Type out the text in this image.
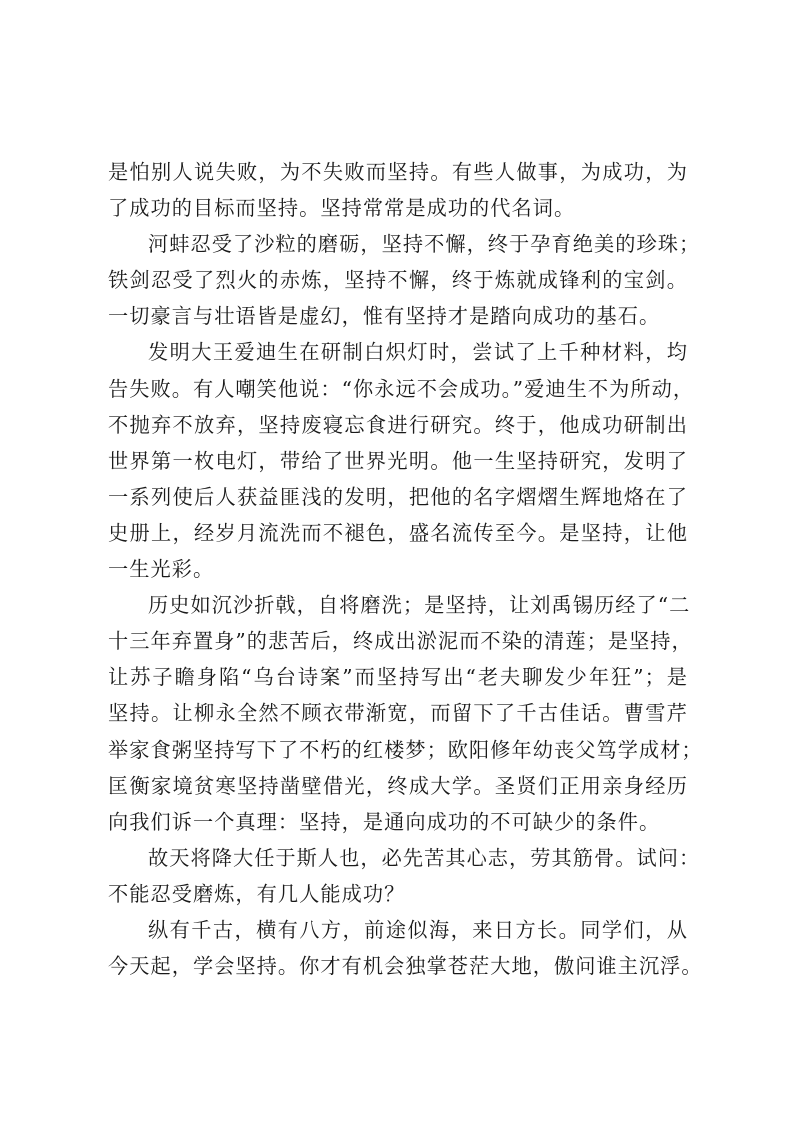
是怕别人说失败，为不失败而坚持。有些人做事，为成功，为
了成功的目标而坚持。坚持常常是成功的代名词。
河蚌忍受了沙粒的磨砺，坚持不懈，终于孕育绝美的珍珠；
铁剑忍受了烈火的赤炼，坚持不懈，终于炼就成锋利的宝剑。
一切豪言与壮语皆是虚幻，惟有坚持才是踏向成功的基石。
发明大王爱迪生在研制白炽灯时，尝试了上千种材料，均
告失败。有人嘲笑他说：“你永远不会成功。”爱迪生不为所动，
不抛弃不放弃，坚持废寝忘食进行研究。终于，他成功研制出
世界第一枚电灯，带给了世界光明。他一生坚持研究，发明了
一系列使后人获益匪浅的发明，把他的名字熠熠生辉地烙在了
史册上，经岁月流洗而不褪色，盛名流传至今。是坚持，让他
一生光彩。
历史如沉沙折戟，自将磨洗；是坚持，让刘禹锡历经了“二
十三年弃置身”的悲苦后，终成出淤泥而不染的清莲；是坚持，
让苏子瞻身陷“乌台诗案”而坚持写出“老夫聊发少年狂”；是
坚持。让柳永全然不顾衣带渐宽，而留下了千古佳话。曹雪芹
举家食粥坚持写下了不朽的红楼梦；欧阳修年幼丧父笃学成材；
匡衡家境贫寒坚持凿壁借光，终成大学。圣贤们正用亲身经历
向我们诉一个真理：坚持，是通向成功的不可缺少的条件。
故天将降大任于斯人也，必先苦其心志，劳其筋骨。试问：
不能忍受磨炼，有几人能成功？
纵有千古，横有八方，前途似海，来日方长。同学们，从
今天起，学会坚持。你才有机会独掌苍茫大地，傲问谁主沉浮。
